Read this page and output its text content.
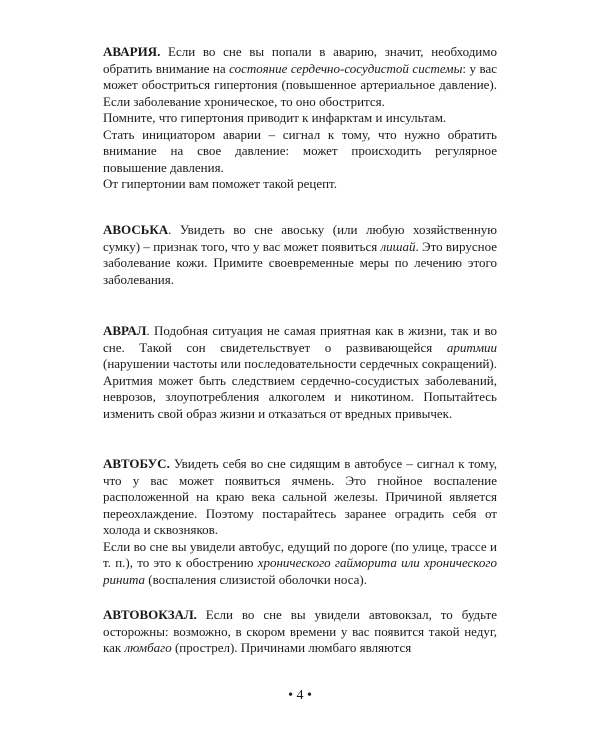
АВАРИЯ. Если во сне вы попали в аварию, значит, необходимо обратить внимание на состояние сердечно-сосудистой системы: у вас может обостриться гипертония (повышенное артериальное давление). Если заболевание хроническое, то оно обострится.

Помните, что гипертония приводит к инфарктам и инсультам.

Стать инициатором аварии – сигнал к тому, что нужно обратить внимание на свое давление: может происходить регулярное повышение давления.

От гипертонии вам поможет такой рецепт.

АВОСЬКА. Увидеть во сне авоську (или любую хозяйственную сумку) – признак того, что у вас может появиться лишай. Это вирусное заболевание кожи. Примите своевременные меры по лечению этого заболевания.

АВРАЛ. Подобная ситуация не самая приятная как в жизни, так и во сне. Такой сон свидетельствует о развивающейся аритмии (нарушении частоты или последовательности сердечных сокращений). Аритмия может быть следствием сердечно-сосудистых заболеваний, неврозов, злоупотребления алкоголем и никотином. Попытайтесь изменить свой образ жизни и отказаться от вредных привычек.

АВТОБУС. Увидеть себя во сне сидящим в автобусе – сигнал к тому, что у вас может появиться ячмень. Это гнойное воспаление расположенной на краю века сальной железы. Причиной является переохлаждение. Поэтому постарайтесь заранее оградить себя от холода и сквозняков.

Если во сне вы увидели автобус, едущий по дороге (по улице, трассе и т. п.), то это к обострению хронического гайморита или хронического ринита (воспаления слизистой оболочки носа).

АВТОВОКЗАЛ. Если во сне вы увидели автовокзал, то будьте осторожны: возможно, в скором времени у вас появится такой недуг, как люмбаго (прострел). Причинами люмбаго являются

• 4 •
